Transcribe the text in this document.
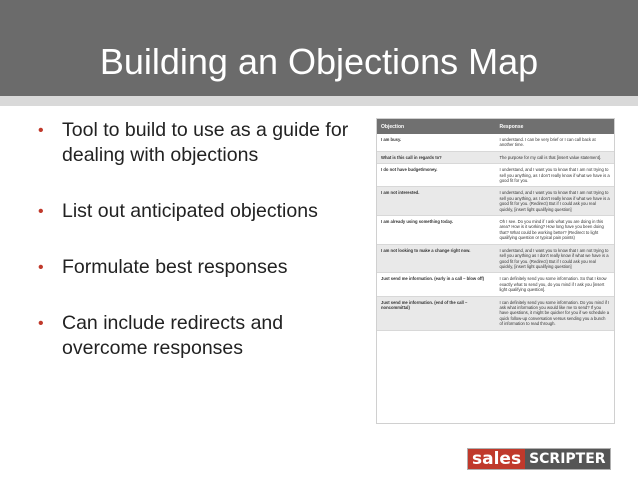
Building an Objections Map
• Tool to build to use as a guide for dealing with objections
• List out anticipated objections
• Formulate best responses
• Can include redirects and overcome responses
Objection	Response
I am busy.	I understand. I can be very brief or I can call back at another time.
What is this call in regards to?	The purpose for my call is that [insert value statement].
I do not have budget/money.	I understand, and I want you to know that I am not trying to sell you anything, as I don't really know if what we have is a good fit for you.
I am not interested.	I understand, and I want you to know that I am not trying to sell you anything, as I don't really know if what we have is a good fit for you. (Redirect) But if I could ask you real quickly, [insert light qualifying question]
I am already using something today.	Oh I see. Do you mind if I ask what you are doing in this area? How is it working? How long have you been doing that? What could be working better? (Redirect to light qualifying question or typical pain points)
I am not looking to make a change right now.	I understand, and I want you to know that I am not trying to sell you anything as I don't really know if what we have is a good fit for you. (Redirect) But if I could ask you real quickly, [insert light qualifying question]
Just send me information. (early in a call – blow off)	I can definitely send you some information. So that I know exactly what to send you, do you mind if I ask you [insert light qualifying question].
Just send me information. (end of the call – noncommittal)	I can definitely send you some information. Do you mind if I ask what information you would like me to send? If you have questions, it might be quicker for you if we schedule a quick follow-up conversation versus sending you a bunch of information to read through.
sales SCRIPTER
